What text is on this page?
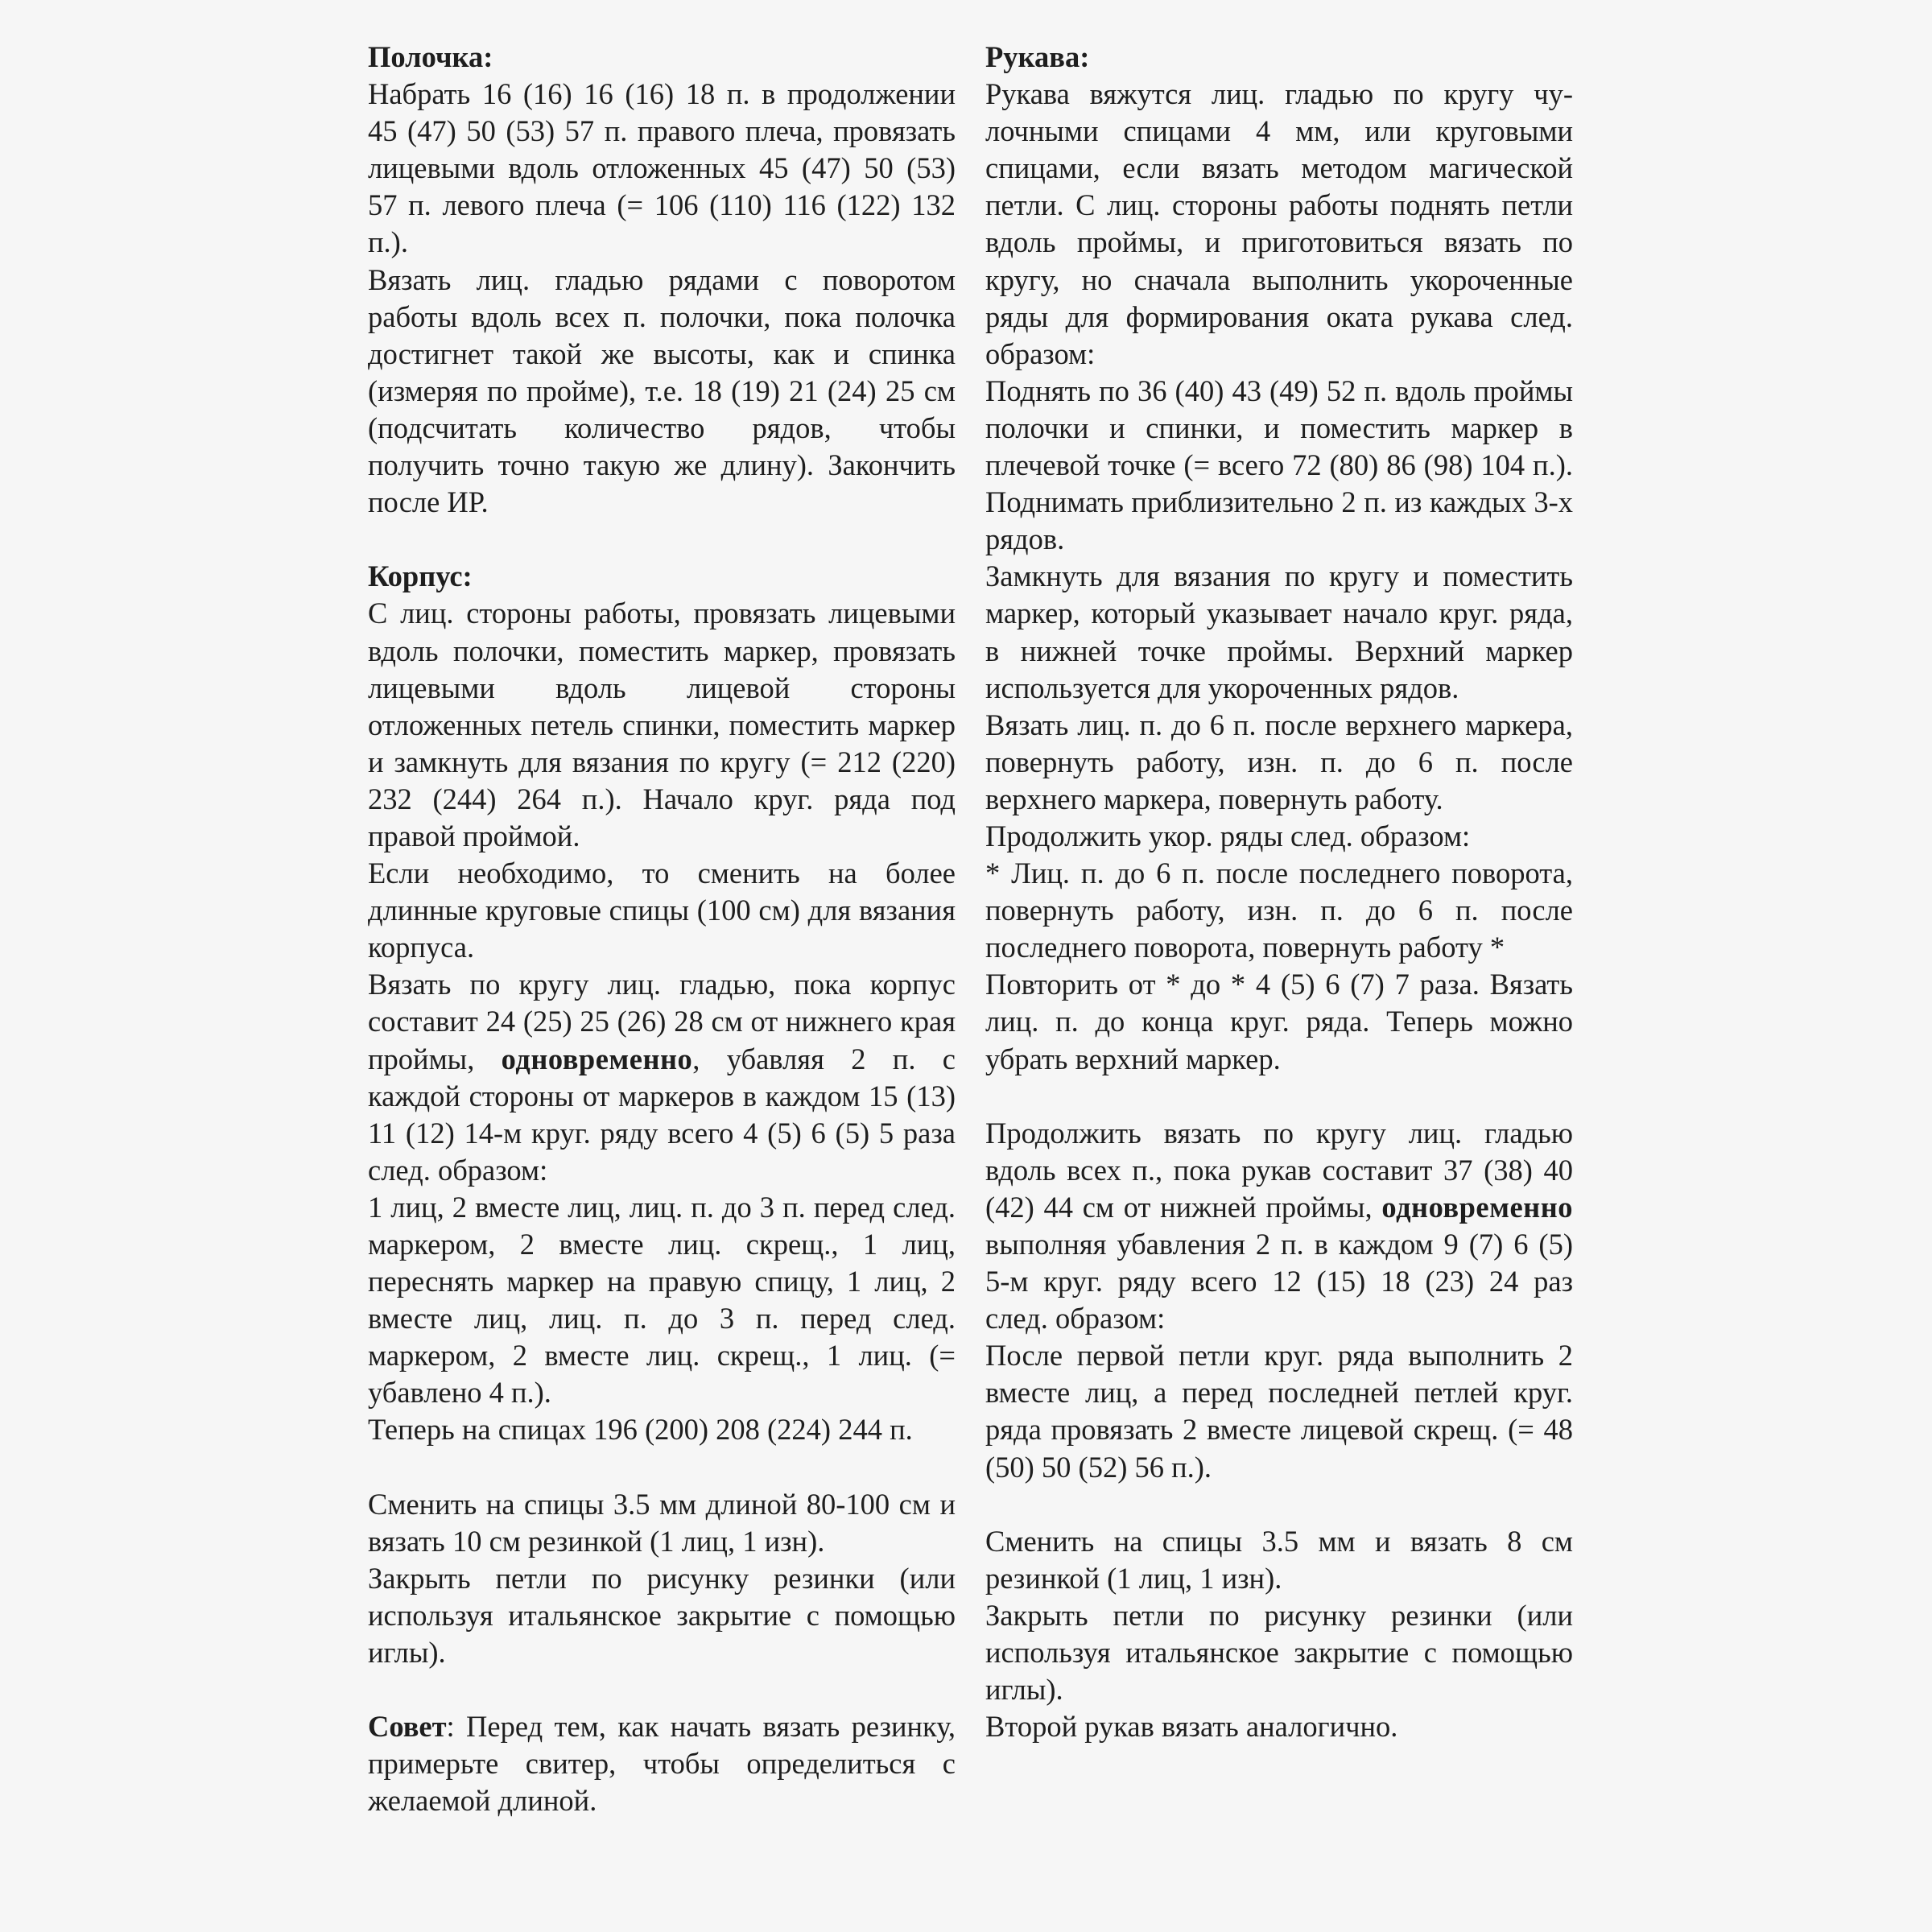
Полочка:

Набрать 16 (16) 16 (16) 18 п. в продолжении 45 (47) 50 (53) 57 п. правого плеча, провязать лицевыми вдоль отложенных 45 (47) 50 (53) 57 п. левого плеча (= 106 (110) 116 (122) 132 п.).

Вязать лиц. гладью рядами с поворотом работы вдоль всех п. полочки, пока полочка достигнет такой же высоты, как и спинка (измеряя по пройме), т.е. 18 (19) 21 (24) 25 см (подсчитать количество рядов, чтобы получить точно такую же длину). Закончить после ИР.

Корпус:

С лиц. стороны работы, провязать лицевыми вдоль полочки, поместить маркер, провязать лицевыми вдоль лицевой стороны отложенных петель спинки, поместить маркер и замкнуть для вязания по кругу (= 212 (220) 232 (244) 264 п.). Начало круг. ряда под правой проймой.

Если необходимо, то сменить на более длинные круговые спицы (100 см) для вязания корпуса.

Вязать по кругу лиц. гладью, пока корпус составит 24 (25) 25 (26) 28 см от нижнего края проймы, одновременно, убавляя 2 п. с каждой стороны от маркеров в каждом 15 (13) 11 (12) 14-м круг. ряду всего 4 (5) 6 (5) 5 раза след. образом:

1 лиц, 2 вместе лиц, лиц. п. до 3 п. перед след. маркером, 2 вместе лиц. скрещ., 1 лиц, переснять маркер на правую спицу, 1 лиц, 2 вместе лиц, лиц. п. до 3 п. перед след. маркером, 2 вместе лиц. скрещ., 1 лиц. (= убавлено 4 п.).

Теперь на спицах 196 (200) 208 (224) 244 п.

Сменить на спицы 3.5 мм длиной 80-100 см и вязать 10 см резинкой (1 лиц, 1 изн).

Закрыть петли по рисунку резинки (или используя итальянское закрытие с помощью иглы).

Совет: Перед тем, как начать вязать резинку, примерьте свитер, чтобы определиться с желаемой длиной.

Рукава:

Рукава вяжутся лиц. гладью по кругу чулочными спицами 4 мм, или круговыми спицами, если вязать методом магической петли. С лиц. стороны работы поднять петли вдоль проймы, и приготовиться вязать по кругу, но сначала выполнить укороченные ряды для формирования оката рукава след. образом:

Поднять по 36 (40) 43 (49) 52 п. вдоль проймы полочки и спинки, и поместить маркер в плечевой точке (= всего 72 (80) 86 (98) 104 п.). Поднимать приблизительно 2 п. из каждых 3-х рядов.

Замкнуть для вязания по кругу и поместить маркер, который указывает начало круг. ряда, в нижней точке проймы. Верхний маркер используется для укороченных рядов.

Вязать лиц. п. до 6 п. после верхнего маркера, повернуть работу, изн. п. до 6 п. после верхнего маркера, повернуть работу.

Продолжить укор. ряды след. образом:

* Лиц. п. до 6 п. после последнего поворота, повернуть работу, изн. п. до 6 п. после последнего поворота, повернуть работу *

Повторить от * до * 4 (5) 6 (7) 7 раза. Вязать лиц. п. до конца круг. ряда. Теперь можно убрать верхний маркер.

Продолжить вязать по кругу лиц. гладью вдоль всех п., пока рукав составит 37 (38) 40 (42) 44 см от нижней проймы, одновременно выполняя убавления 2 п. в каждом 9 (7) 6 (5) 5-м круг. ряду всего 12 (15) 18 (23) 24 раз след. образом:

После первой петли круг. ряда выполнить 2 вместе лиц, а перед последней петлей круг. ряда провязать 2 вместе лицевой скрещ. (= 48 (50) 50 (52) 56 п.).

Сменить на спицы 3.5 мм и вязать 8 см резинкой (1 лиц, 1 изн).

Закрыть петли по рисунку резинки (или используя итальянское закрытие с помощью иглы).

Второй рукав вязать аналогично.
